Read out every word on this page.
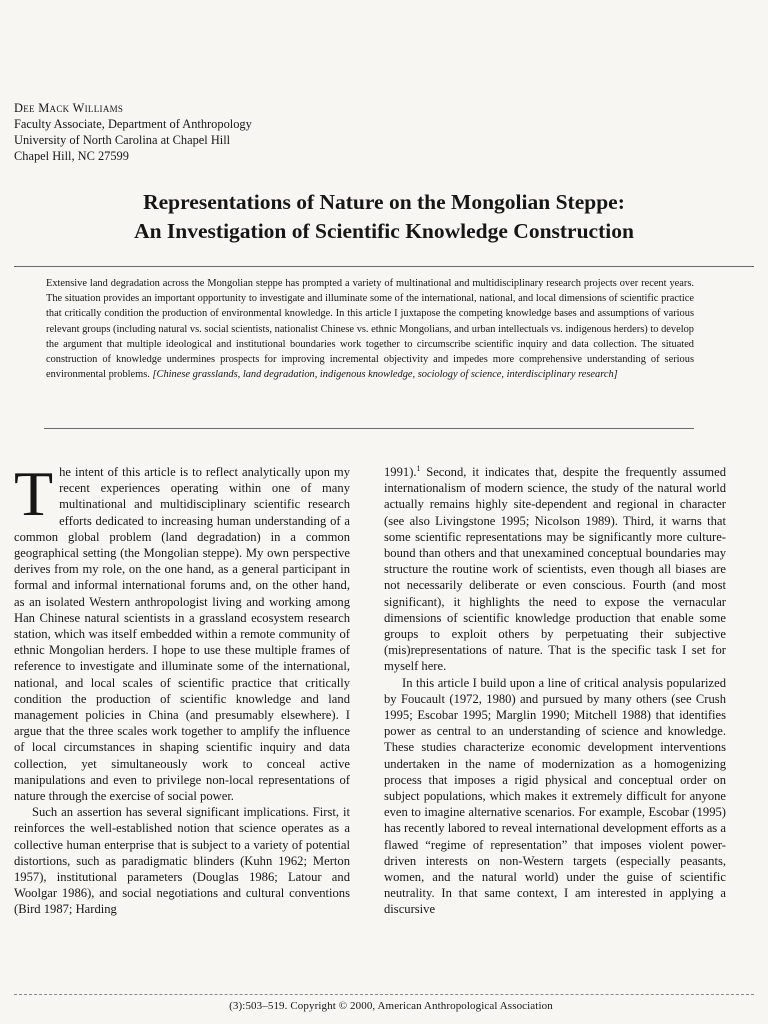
Dee Mack Williams
Faculty Associate, Department of Anthropology
University of North Carolina at Chapel Hill
Chapel Hill, NC 27599
Representations of Nature on the Mongolian Steppe:
An Investigation of Scientific Knowledge Construction
Extensive land degradation across the Mongolian steppe has prompted a variety of multinational and multidisciplinary research projects over recent years. The situation provides an important opportunity to investigate and illuminate some of the international, national, and local dimensions of scientific practice that critically condition the production of environmental knowledge. In this article I juxtapose the competing knowledge bases and assumptions of various relevant groups (including natural vs. social scientists, nationalist Chinese vs. ethnic Mongolians, and urban intellectuals vs. indigenous herders) to develop the argument that multiple ideological and institutional boundaries work together to circumscribe scientific inquiry and data collection. The situated construction of knowledge undermines prospects for improving incremental objectivity and impedes more comprehensive understanding of serious environmental problems. [Chinese grasslands, land degradation, indigenous knowledge, sociology of science, interdisciplinary research]

The intent of this article is to reflect analytically upon my recent experiences operating within one of many multinational and multidisciplinary scientific research efforts dedicated to increasing human understanding of a common global problem (land degradation) in a common geographical setting (the Mongolian steppe). My own perspective derives from my role, on the one hand, as a general participant in formal and informal international forums and, on the other hand, as an isolated Western anthropologist living and working among Han Chinese natural scientists in a grassland ecosystem research station, which was itself embedded within a remote community of ethnic Mongolian herders. I hope to use these multiple frames of reference to investigate and illuminate some of the international, national, and local scales of scientific practice that critically condition the production of scientific knowledge and land management policies in China (and presumably elsewhere). I argue that the three scales work together to amplify the influence of local circumstances in shaping scientific inquiry and data collection, yet simultaneously work to conceal active manipulations and even to privilege non-local representations of nature through the exercise of social power.

Such an assertion has several significant implications. First, it reinforces the well-established notion that science operates as a collective human enterprise that is subject to a variety of potential distortions, such as paradigmatic blinders (Kuhn 1962; Merton 1957), institutional parameters (Douglas 1986; Latour and Woolgar 1986), and social negotiations and cultural conventions (Bird 1987; Harding

1991).$^1$ Second, it indicates that, despite the frequently assumed internationalism of modern science, the study of the natural world actually remains highly site-dependent and regional in character (see also Livingstone 1995; Nicolson 1989). Third, it warns that some scientific representations may be significantly more culture-bound than others and that unexamined conceptual boundaries may structure the routine work of scientists, even though all biases are not necessarily deliberate or even conscious. Fourth (and most significant), it highlights the need to expose the vernacular dimensions of scientific knowledge production that enable some groups to exploit others by perpetuating their subjective (mis)representations of nature. That is the specific task I set for myself here.

In this article I build upon a line of critical analysis popularized by Foucault (1972, 1980) and pursued by many others (see Crush 1995; Escobar 1995; Marglin 1990; Mitchell 1988) that identifies power as central to an understanding of science and knowledge. These studies characterize economic development interventions undertaken in the name of modernization as a homogenizing process that imposes a rigid physical and conceptual order on subject populations, which makes it extremely difficult for anyone even to imagine alternative scenarios. For example, Escobar (1995) has recently labored to reveal international development efforts as a flawed “regime of representation” that imposes violent power-driven interests on non-Western targets (especially peasants, women, and the natural world) under the guise of scientific neutrality. In that same context, I am interested in applying a discursive

(3):503–519. Copyright © 2000, American Anthropological Association
